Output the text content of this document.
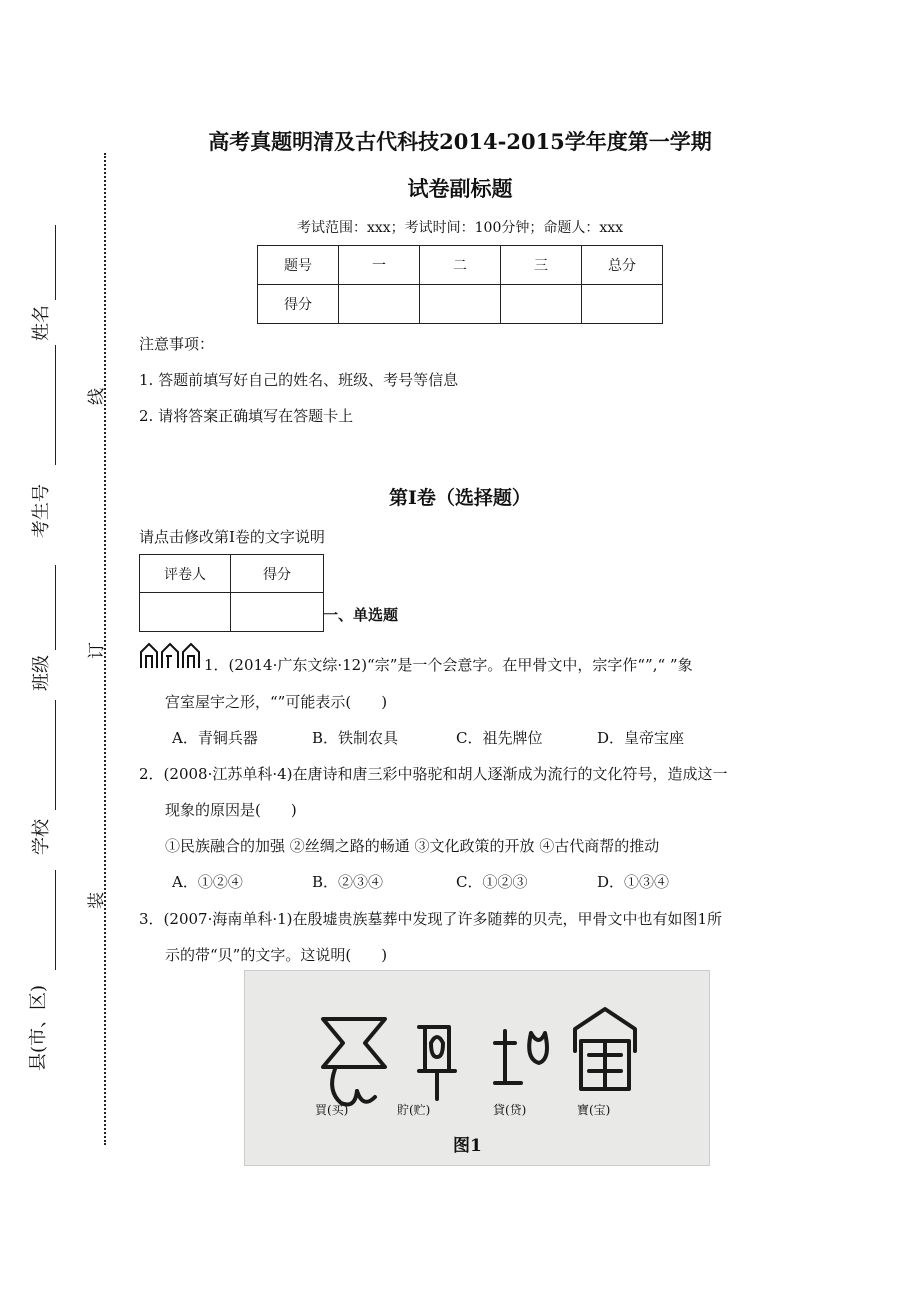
姓名
考生号
班级
学校
县(市、区)
线
订
装
高考真题明清及古代科技2014-2015学年度第一学期
试卷副标题
考试范围：xxx；考试时间：100分钟；命题人：xxx
题号	一	二	三	总分
得分				
注意事项：
1. 答题前填写好自己的姓名、班级、考号等信息
2. 请将答案正确填写在答题卡上
第I卷（选择题）
请点击修改第I卷的文字说明
评卷人	得分

一、单选题
1．(2014·广东文综·12)“宗”是一个会意字。在甲骨文中，宗字作“”,“ ”象
宫室屋宇之形，“”可能表示(　　)
A．青铜兵器	B．铁制农具	C．祖先牌位	D．皇帝宝座
2．(2008·江苏单科·4)在唐诗和唐三彩中骆驼和胡人逐渐成为流行的文化符号，造成这一
现象的原因是(　　)
①民族融合的加强 ②丝绸之路的畅通 ③文化政策的开放 ④古代商帮的推动
A．①②④	B．②③④	C．①②③	D．①③④
3．(2007·海南单科·1)在殷墟贵族墓葬中发现了许多随葬的贝壳，甲骨文中也有如图1所
示的带“贝”的文字。这说明(　　)
買(买)	貯(贮)	貸(贷)	寶(宝)
图1
